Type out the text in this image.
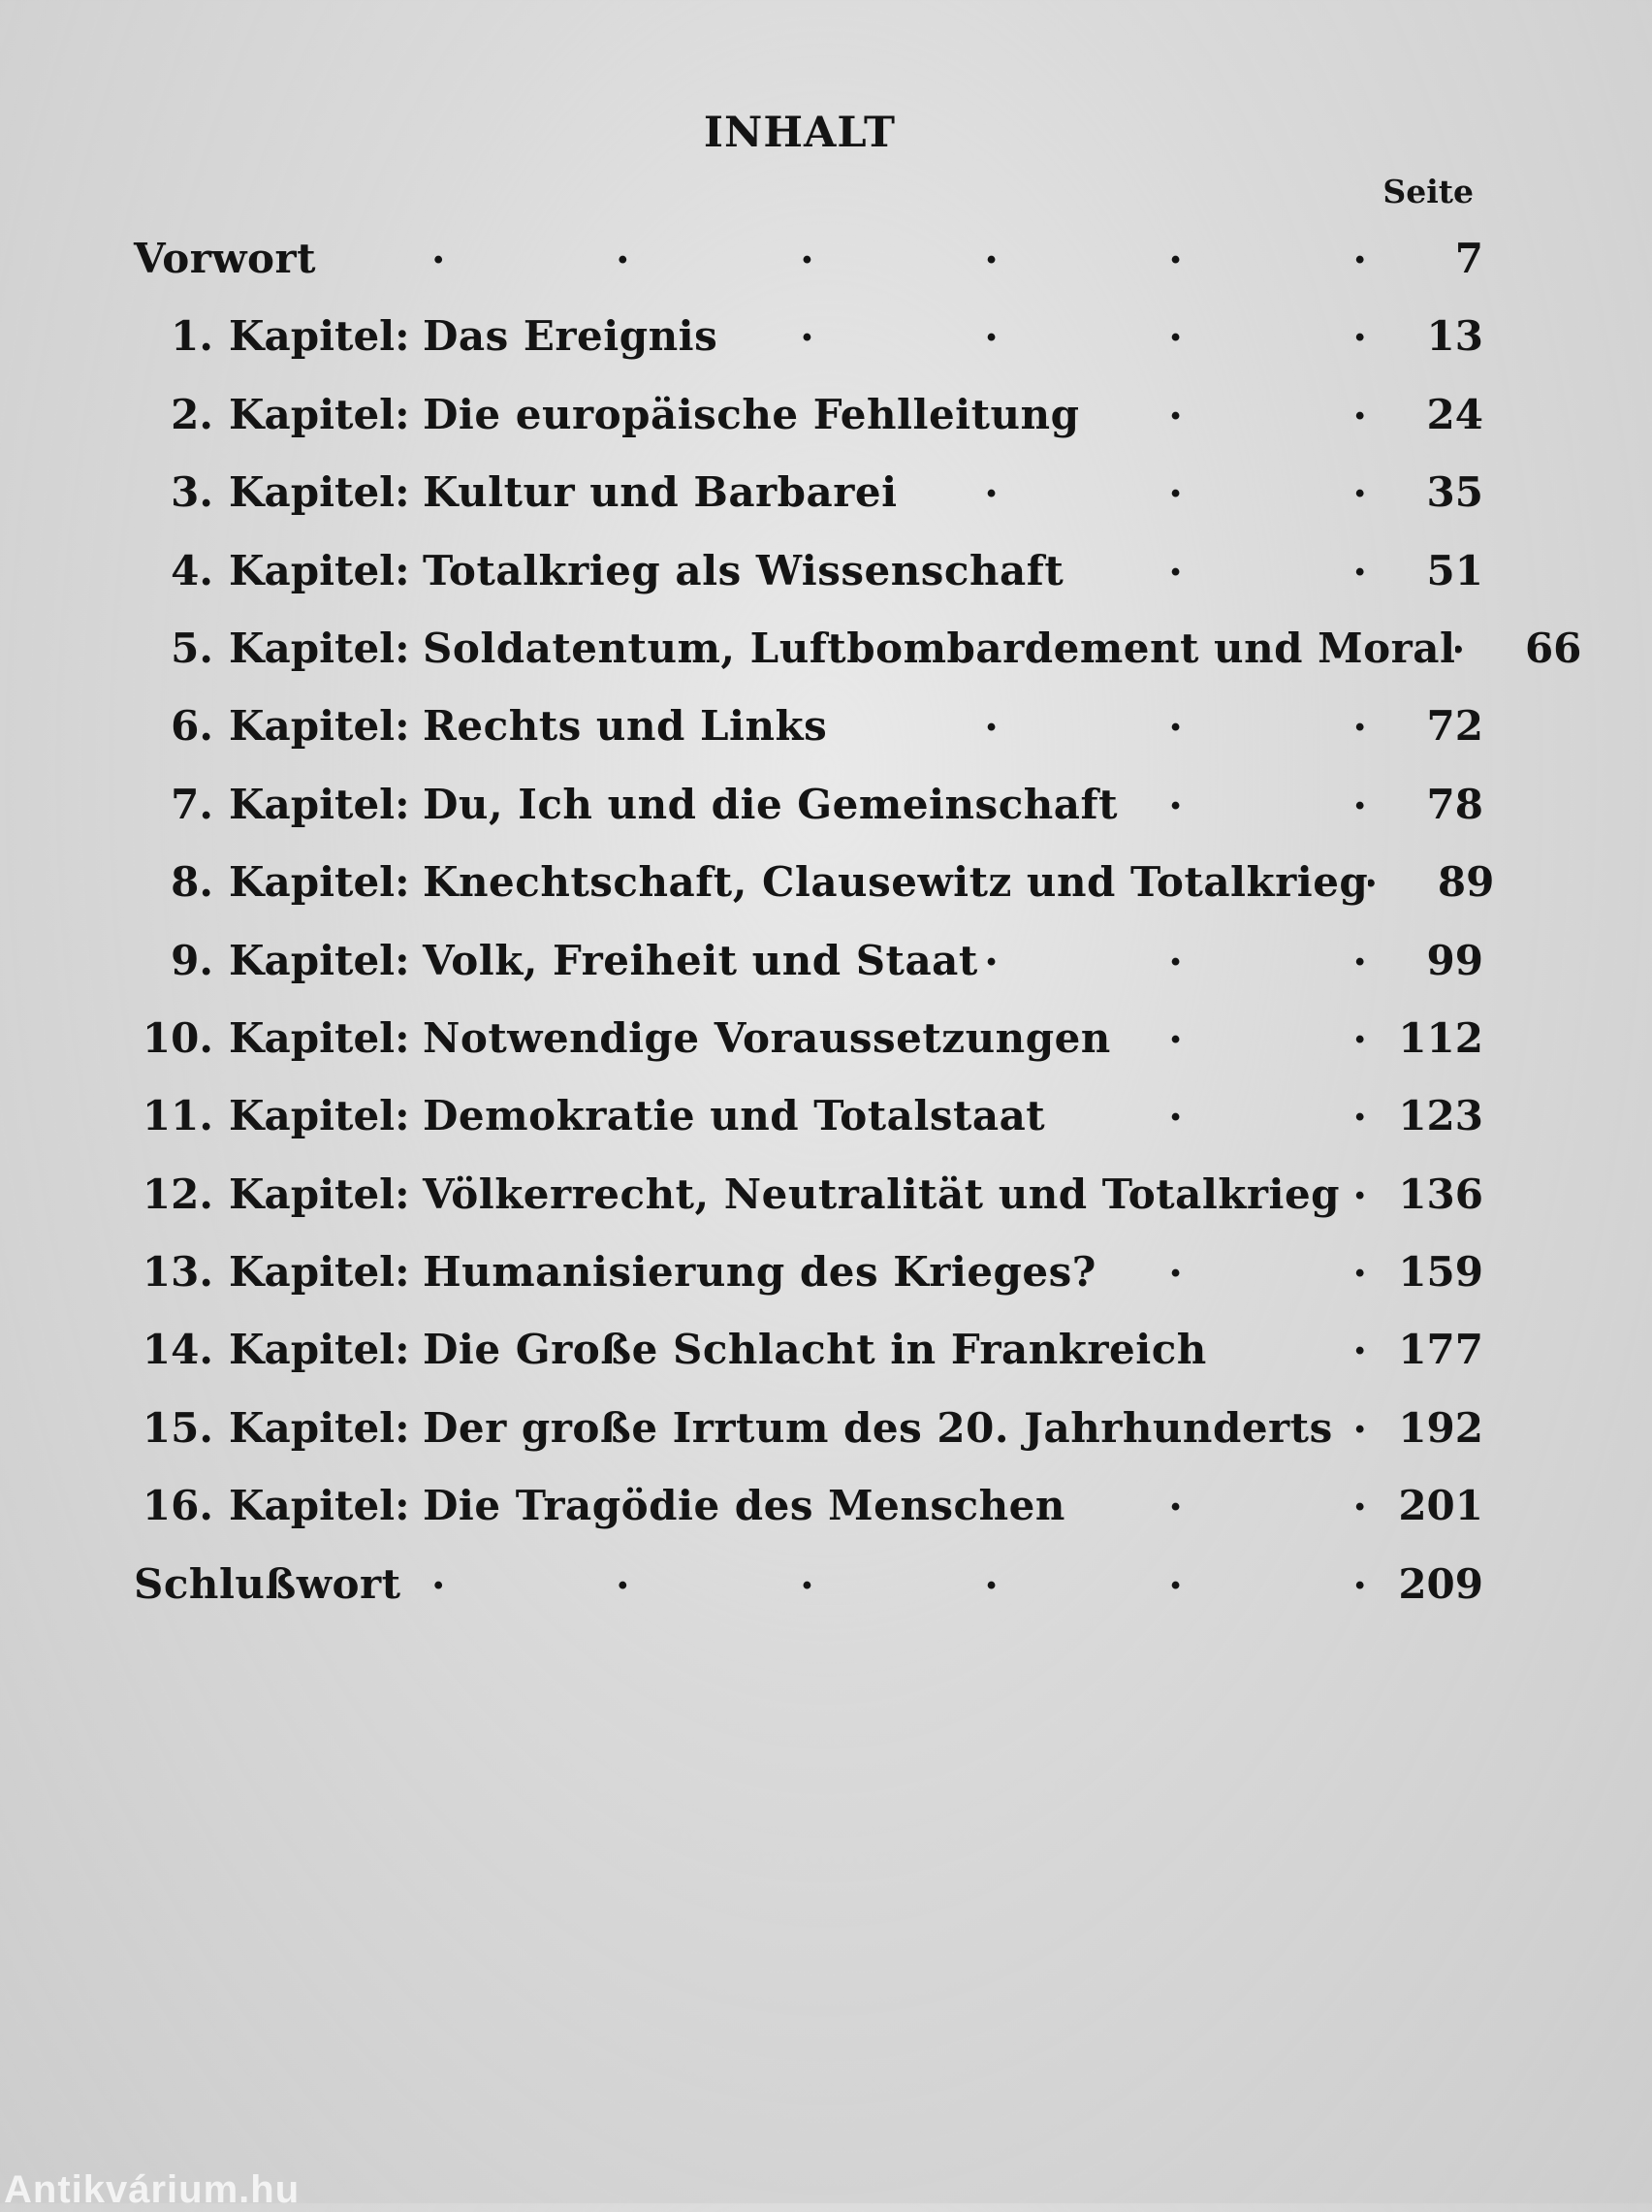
INHALT
Seite
Vorwort .	7
1. Kapitel: Das Ereignis .	13
2. Kapitel: Die europäische Fehlleitung .	24
3. Kapitel: Kultur und Barbarei .	35
4. Kapitel: Totalkrieg als Wissenschaft .	51
5. Kapitel: Soldatentum, Luftbombardement und Moral .	66
6. Kapitel: Rechts und Links .	72
7. Kapitel: Du, Ich und die Gemeinschaft .	78
8. Kapitel: Knechtschaft, Clausewitz und Totalkrieg .	89
9. Kapitel: Volk, Freiheit und Staat .	99
10. Kapitel: Notwendige Voraussetzungen .	112
11. Kapitel: Demokratie und Totalstaat .	123
12. Kapitel: Völkerrecht, Neutralität und Totalkrieg .	136
13. Kapitel: Humanisierung des Krieges? .	159
14. Kapitel: Die Große Schlacht in Frankreich .	177
15. Kapitel: Der große Irrtum des 20. Jahrhunderts .	192
16. Kapitel: Die Tragödie des Menschen .	201
Schlußwort .	209
Antikvárium.hu
